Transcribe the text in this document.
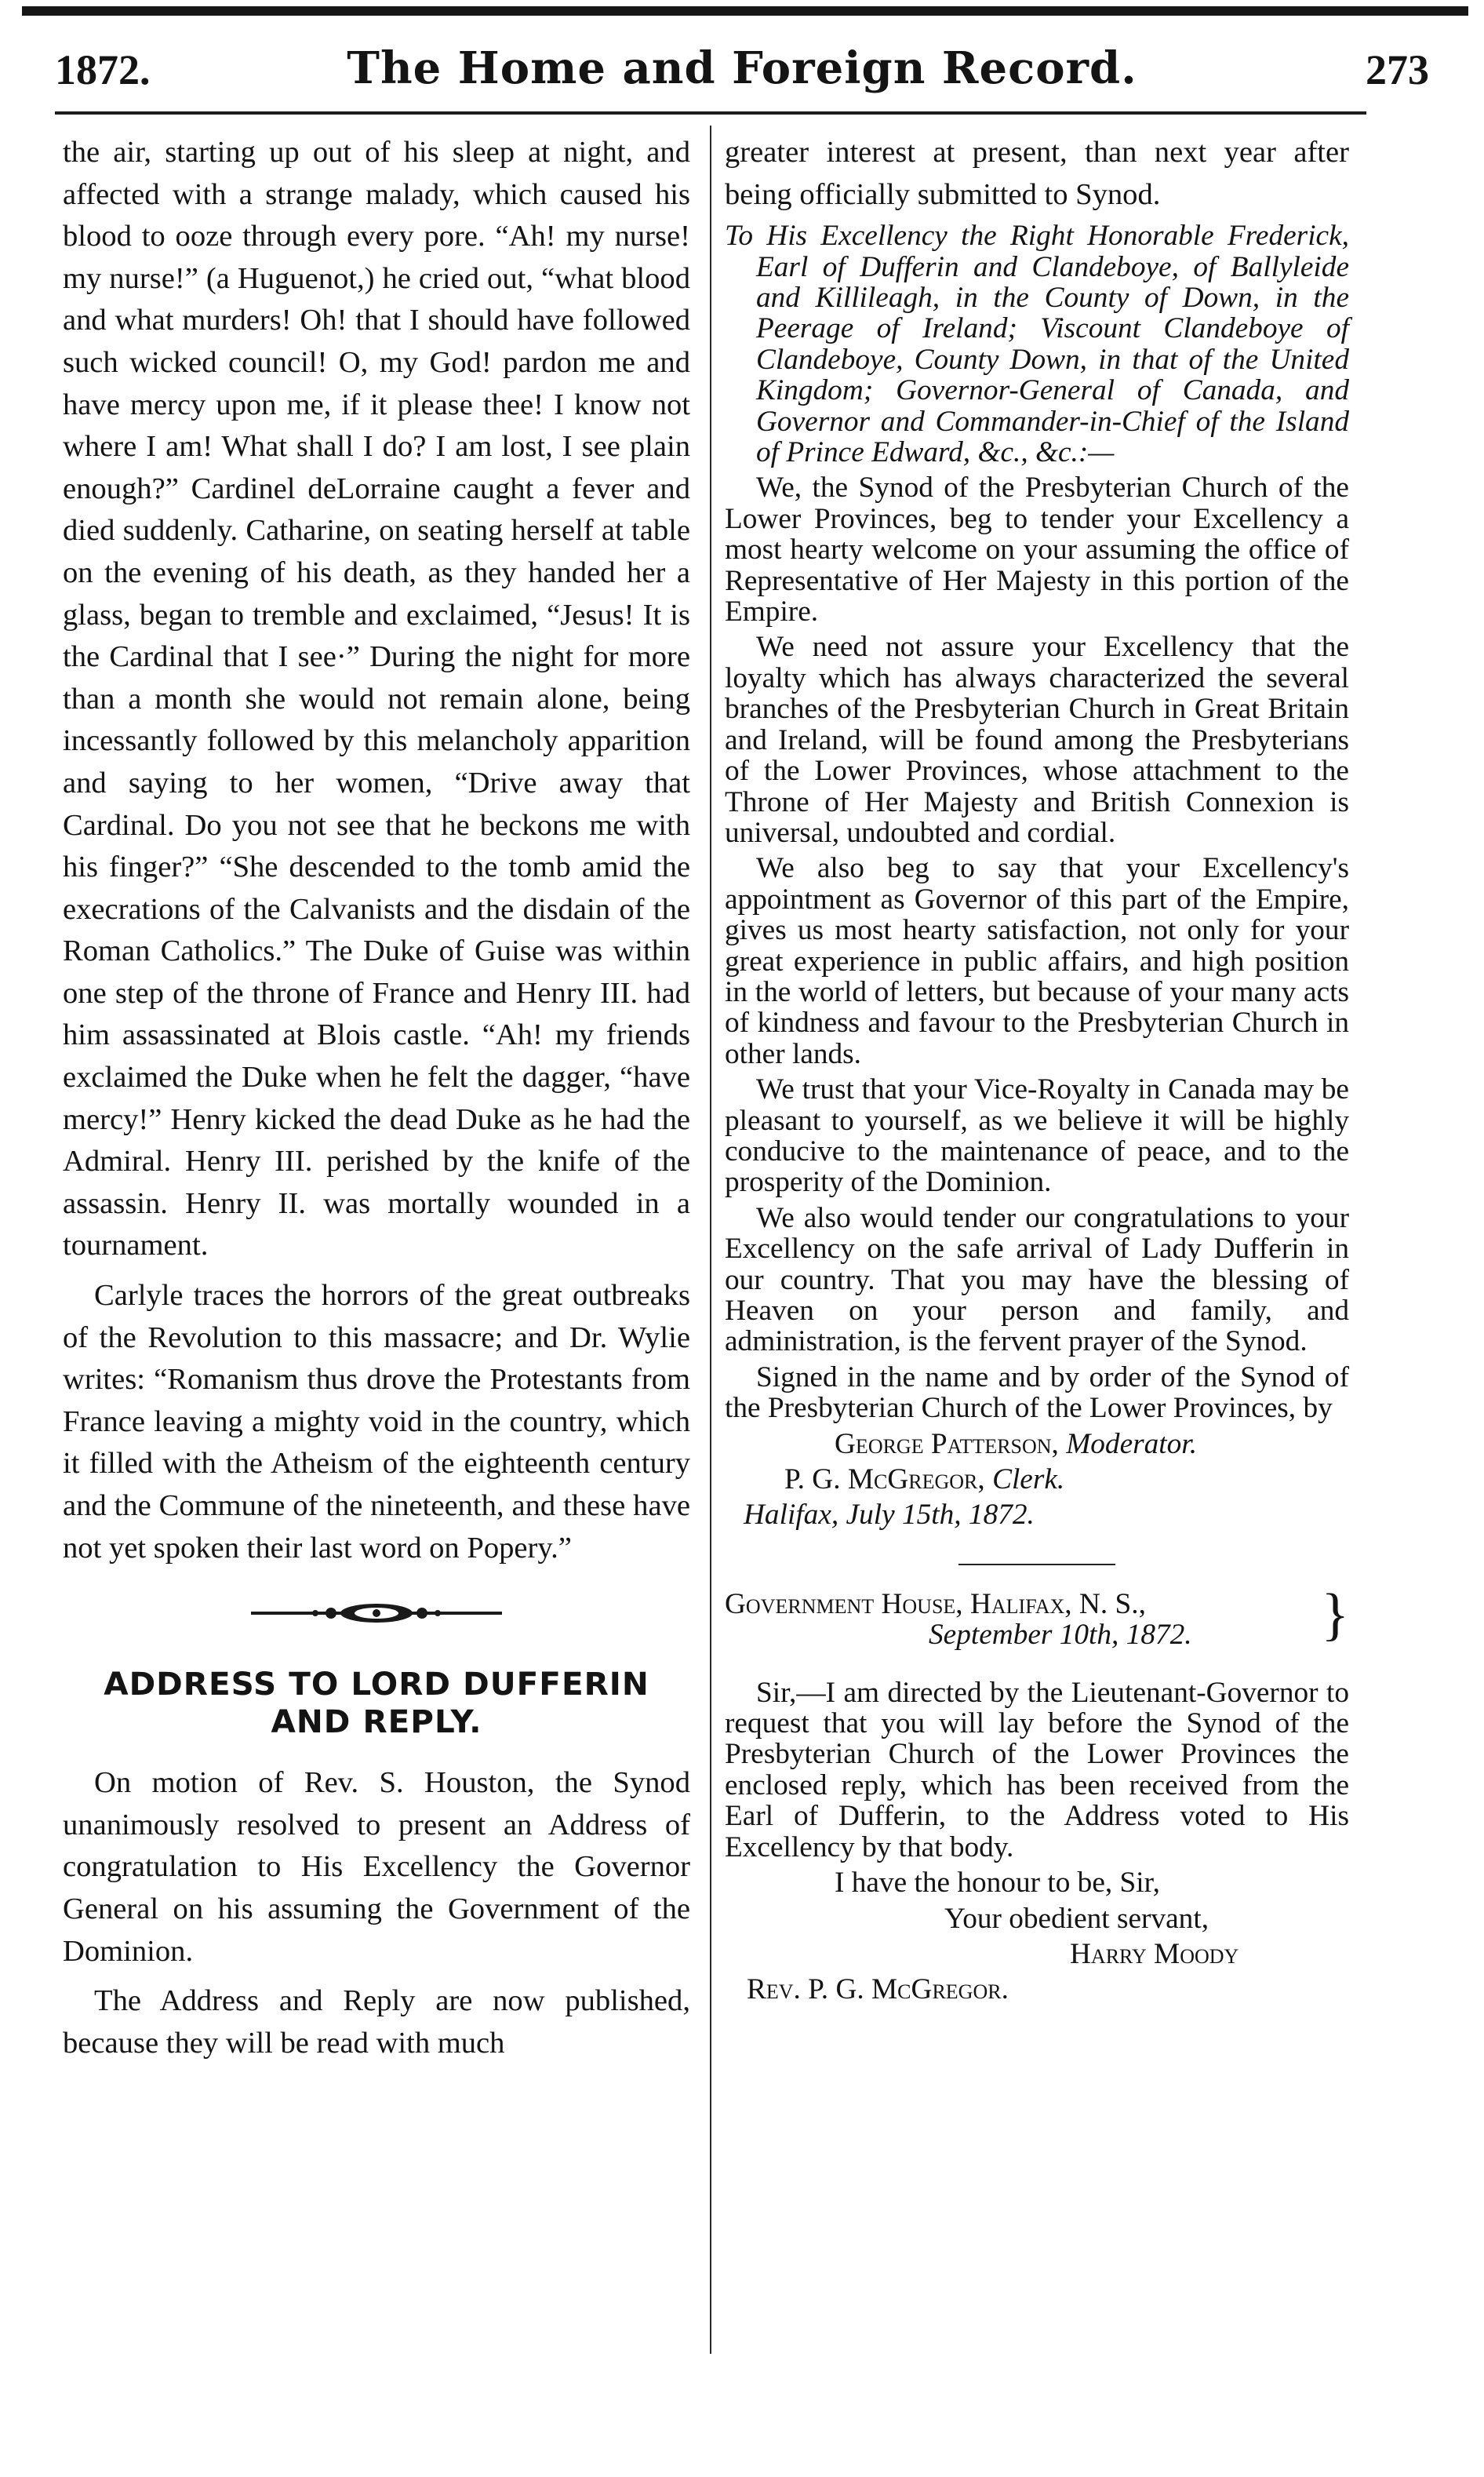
1872.	The Home and Foreign Record.	273

the air, starting up out of his sleep at night, and affected with a strange malady, which caused his blood to ooze through every pore. “Ah! my nurse! my nurse!” (a Huguenot,) he cried out, “what blood and what murders! Oh! that I should have followed such wicked council! O, my God! pardon me and have mercy upon me, if it please thee! I know not where I am! What shall I do? I am lost, I see plain enough?” Cardinel deLorraine caught a fever and died suddenly. Catharine, on seating herself at table on the evening of his death, as they handed her a glass, began to tremble and exclaimed, “Jesus! It is the Cardinal that I see·” During the night for more than a month she would not remain alone, being incessantly followed by this melancholy apparition and saying to her women, “Drive away that Cardinal. Do you not see that he beckons me with his finger?” “She descended to the tomb amid the execrations of the Calvanists and the disdain of the Roman Catholics.” The Duke of Guise was within one step of the throne of France and Henry III. had him assassinated at Blois castle. “Ah! my friends exclaimed the Duke when he felt the dagger, “have mercy!” Henry kicked the dead Duke as he had the Admiral. Henry III. perished by the knife of the assassin. Henry II. was mortally wounded in a tournament.

Carlyle traces the horrors of the great outbreaks of the Revolution to this massacre; and Dr. Wylie writes: “Romanism thus drove the Protestants from France leaving a mighty void in the country, which it filled with the Atheism of the eighteenth century and the Commune of the nineteenth, and these have not yet spoken their last word on Popery.”

ADDRESS TO LORD DUFFERIN AND REPLY.

On motion of Rev. S. Houston, the Synod unanimously resolved to present an Address of congratulation to His Excellency the Governor General on his assuming the Government of the Dominion.

The Address and Reply are now published, because they will be read with much

greater interest at present, than next year after being officially submitted to Synod.

To His Excellency the Right Honorable Frederick, Earl of Dufferin and Clandeboye, of Ballyleide and Killileagh, in the County of Down, in the Peerage of Ireland; Viscount Clandeboye of Clandeboye, County Down, in that of the United Kingdom; Governor-General of Canada, and Governor and Commander-in-Chief of the Island of Prince Edward, &c., &c.:—

We, the Synod of the Presbyterian Church of the Lower Provinces, beg to tender your Excellency a most hearty welcome on your assuming the office of Representative of Her Majesty in this portion of the Empire.

We need not assure your Excellency that the loyalty which has always characterized the several branches of the Presbyterian Church in Great Britain and Ireland, will be found among the Presbyterians of the Lower Provinces, whose attachment to the Throne of Her Majesty and British Connexion is universal, undoubted and cordial.

We also beg to say that your Excellency's appointment as Governor of this part of the Empire, gives us most hearty satisfaction, not only for your great experience in public affairs, and high position in the world of letters, but because of your many acts of kindness and favour to the Presbyterian Church in other lands.

We trust that your Vice-Royalty in Canada may be pleasant to yourself, as we believe it will be highly conducive to the maintenance of peace, and to the prosperity of the Dominion.

We also would tender our congratulations to your Excellency on the safe arrival of Lady Dufferin in our country. That you may have the blessing of Heaven on your person and family, and administration, is the fervent prayer of the Synod.

Signed in the name and by order of the Synod of the Presbyterian Church of the Lower Provinces, by

George Patterson, Moderator.

P. G. McGregor, Clerk.

Halifax, July 15th, 1872.

Government House, Halifax, N. S.,
September 10th, 1872. }

Sir,—I am directed by the Lieutenant-Governor to request that you will lay before the Synod of the Presbyterian Church of the Lower Provinces the enclosed reply, which has been received from the Earl of Dufferin, to the Address voted to His Excellency by that body.

I have the honour to be, Sir,

Your obedient servant,

Harry Moody

Rev. P. G. McGregor.
